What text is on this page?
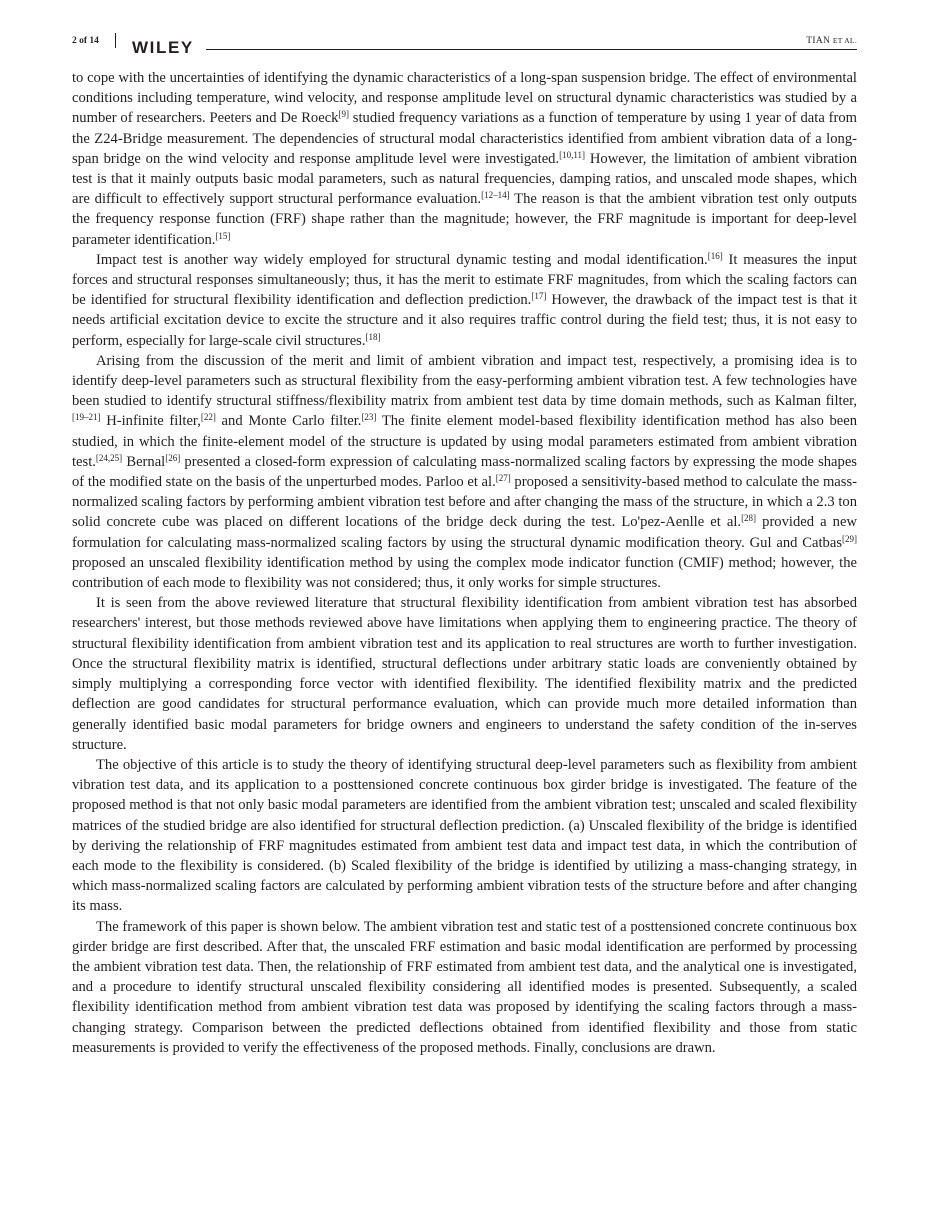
2 of 14 WILEY	TIAN ET AL.

to cope with the uncertainties of identifying the dynamic characteristics of a long-span suspension bridge. The effect of environmental conditions including temperature, wind velocity, and response amplitude level on structural dynamic characteristics was studied by a number of researchers. Peeters and De Roeck[9] studied frequency variations as a function of temperature by using 1 year of data from the Z24-Bridge measurement. The dependencies of structural modal characteristics identified from ambient vibration data of a long-span bridge on the wind velocity and response amplitude level were investigated.[10,11] However, the limitation of ambient vibration test is that it mainly outputs basic modal parameters, such as natural frequencies, damping ratios, and unscaled mode shapes, which are difficult to effectively support structural performance evaluation.[12–14] The reason is that the ambient vibration test only outputs the frequency response function (FRF) shape rather than the magnitude; however, the FRF magnitude is important for deep-level parameter identification.[15]

Impact test is another way widely employed for structural dynamic testing and modal identification.[16] It measures the input forces and structural responses simultaneously; thus, it has the merit to estimate FRF magnitudes, from which the scaling factors can be identified for structural flexibility identification and deflection prediction.[17] However, the drawback of the impact test is that it needs artificial excitation device to excite the structure and it also requires traffic control during the field test; thus, it is not easy to perform, especially for large-scale civil structures.[18]

Arising from the discussion of the merit and limit of ambient vibration and impact test, respectively, a promising idea is to identify deep-level parameters such as structural flexibility from the easy-performing ambient vibration test. A few technologies have been studied to identify structural stiffness/flexibility matrix from ambient test data by time domain methods, such as Kalman filter,[19–21] H-infinite filter,[22] and Monte Carlo filter.[23] The finite element model-based flexibility identification method has also been studied, in which the finite-element model of the structure is updated by using modal parameters estimated from ambient vibration test.[24,25] Bernal[26] presented a closed-form expression of calculating mass-normalized scaling factors by expressing the mode shapes of the modified state on the basis of the unperturbed modes. Parloo et al.[27] proposed a sensitivity-based method to calculate the mass-normalized scaling factors by performing ambient vibration test before and after changing the mass of the structure, in which a 2.3 ton solid concrete cube was placed on different locations of the bridge deck during the test. Lo'pez-Aenlle et al.[28] provided a new formulation for calculating mass-normalized scaling factors by using the structural dynamic modification theory. Gul and Catbas[29] proposed an unscaled flexibility identification method by using the complex mode indicator function (CMIF) method; however, the contribution of each mode to flexibility was not considered; thus, it only works for simple structures.

It is seen from the above reviewed literature that structural flexibility identification from ambient vibration test has absorbed researchers' interest, but those methods reviewed above have limitations when applying them to engineering practice. The theory of structural flexibility identification from ambient vibration test and its application to real structures are worth to further investigation. Once the structural flexibility matrix is identified, structural deflections under arbitrary static loads are conveniently obtained by simply multiplying a corresponding force vector with identified flexibility. The identified flexibility matrix and the predicted deflection are good candidates for structural performance evaluation, which can provide much more detailed information than generally identified basic modal parameters for bridge owners and engineers to understand the safety condition of the in-serves structure.

The objective of this article is to study the theory of identifying structural deep-level parameters such as flexibility from ambient vibration test data, and its application to a posttensioned concrete continuous box girder bridge is investigated. The feature of the proposed method is that not only basic modal parameters are identified from the ambient vibration test; unscaled and scaled flexibility matrices of the studied bridge are also identified for structural deflection prediction. (a) Unscaled flexibility of the bridge is identified by deriving the relationship of FRF magnitudes estimated from ambient test data and impact test data, in which the contribution of each mode to the flexibility is considered. (b) Scaled flexibility of the bridge is identified by utilizing a mass-changing strategy, in which mass-normalized scaling factors are calculated by performing ambient vibration tests of the structure before and after changing its mass.

The framework of this paper is shown below. The ambient vibration test and static test of a posttensioned concrete continuous box girder bridge are first described. After that, the unscaled FRF estimation and basic modal identification are performed by processing the ambient vibration test data. Then, the relationship of FRF estimated from ambient test data, and the analytical one is investigated, and a procedure to identify structural unscaled flexibility considering all identified modes is presented. Subsequently, a scaled flexibility identification method from ambient vibration test data was proposed by identifying the scaling factors through a mass-changing strategy. Comparison between the predicted deflections obtained from identified flexibility and those from static measurements is provided to verify the effectiveness of the proposed methods. Finally, conclusions are drawn.
